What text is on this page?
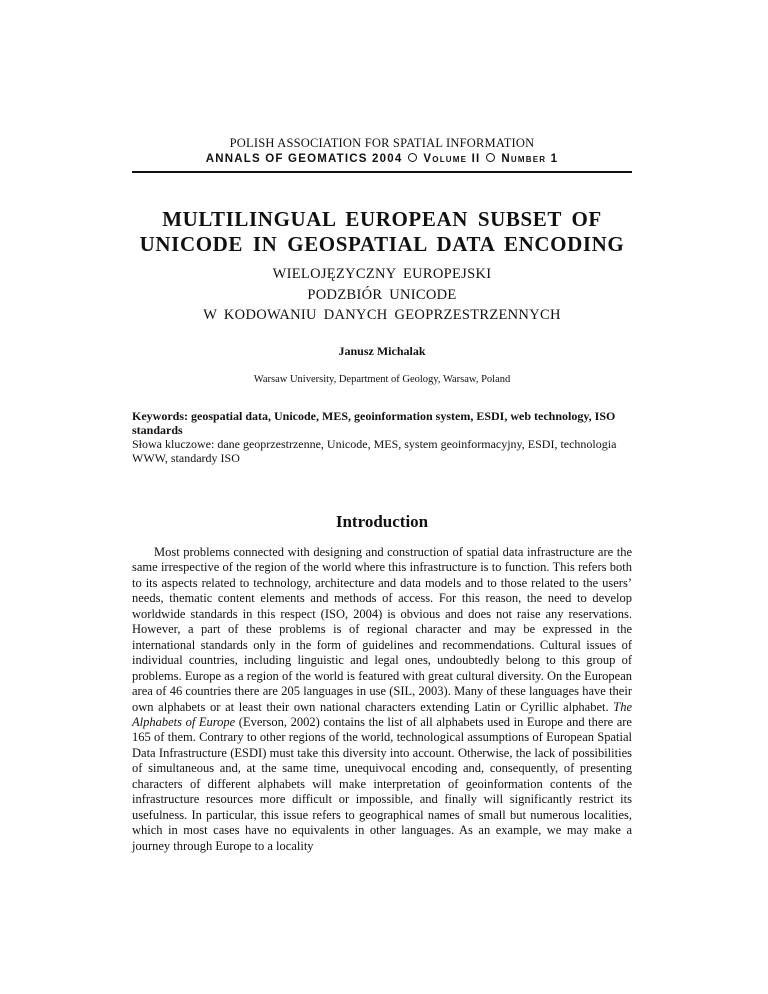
POLISH ASSOCIATION FOR SPATIAL INFORMATION
ANNALS OF GEOMATICS 2004 Volume II Number 1
MULTILINGUAL EUROPEAN SUBSET OF
UNICODE IN GEOSPATIAL DATA ENCODING
WIELOJĘZYCZNY EUROPEJSKI
PODZBIÓR UNICODE
W KODOWANIU DANYCH GEOPRZESTRZENNYCH
Janusz Michalak
Warsaw University, Department of Geology, Warsaw, Poland
Keywords: geospatial data, Unicode, MES, geoinformation system, ESDI, web technology, ISO standards
Słowa kluczowe: dane geoprzestrzenne, Unicode, MES, system geoinformacyjny, ESDI, technologia WWW, standardy ISO
Introduction

Most problems connected with designing and construction of spatial data infrastructure are the same irrespective of the region of the world where this infrastructure is to function. This refers both to its aspects related to technology, architecture and data models and to those related to the users’ needs, thematic content elements and methods of access. For this reason, the need to develop worldwide standards in this respect (ISO, 2004) is obvious and does not raise any reservations. However, a part of these problems is of regional character and may be expressed in the international standards only in the form of guidelines and recommendations. Cultural issues of individual countries, including linguistic and legal ones, undoubtedly belong to this group of problems. Europe as a region of the world is featured with great cultural diversity. On the European area of 46 countries there are 205 languages in use (SIL, 2003). Many of these languages have their own alphabets or at least their own national characters extending Latin or Cyrillic alphabet. The Alphabets of Europe (Everson, 2002) contains the list of all alphabets used in Europe and there are 165 of them. Contrary to other regions of the world, technological assumptions of European Spatial Data Infrastructure (ESDI) must take this diversity into account. Otherwise, the lack of possibilities of simultaneous and, at the same time, unequivocal encoding and, consequently, of presenting characters of different alphabets will make interpretation of geoinformation contents of the infrastructure resources more difficult or impossible, and finally will significantly restrict its usefulness. In particular, this issue refers to geographical names of small but numerous localities, which in most cases have no equivalents in other languages. As an example, we may make a journey through Europe to a locality
